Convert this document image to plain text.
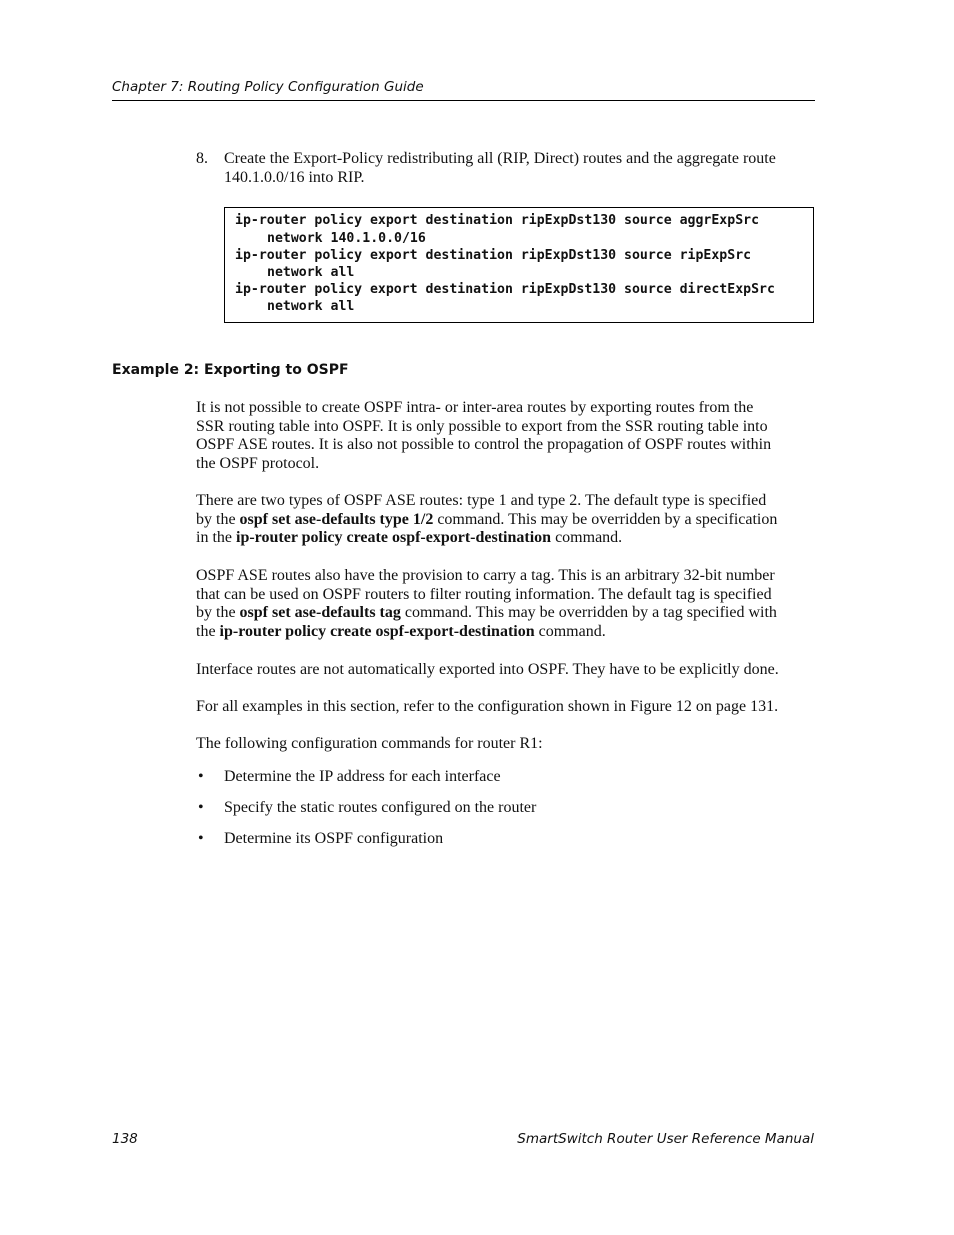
Chapter 7: Routing Policy Configuration Guide
8. Create the Export-Policy redistributing all (RIP, Direct) routes and the aggregate route
140.1.0.0/16 into RIP.
ip-router policy export destination ripExpDst130 source aggrExpSrc
network 140.1.0.0/16
ip-router policy export destination ripExpDst130 source ripExpSrc
network all
ip-router policy export destination ripExpDst130 source directExpSrc
network all
Example 2: Exporting to OSPF
It is not possible to create OSPF intra- or inter-area routes by exporting routes from the
SSR routing table into OSPF. It is only possible to export from the SSR routing table into
OSPF ASE routes. It is also not possible to control the propagation of OSPF routes within
the OSPF protocol.
There are two types of OSPF ASE routes: type 1 and type 2. The default type is specified
by the ospf set ase-defaults type 1/2 command. This may be overridden by a specification
in the ip-router policy create ospf-export-destination command.
OSPF ASE routes also have the provision to carry a tag. This is an arbitrary 32-bit number
that can be used on OSPF routers to filter routing information. The default tag is specified
by the ospf set ase-defaults tag command. This may be overridden by a tag specified with
the ip-router policy create ospf-export-destination command.
Interface routes are not automatically exported into OSPF. They have to be explicitly done.
For all examples in this section, refer to the configuration shown in Figure 12 on page 131.
The following configuration commands for router R1:
• Determine the IP address for each interface
• Specify the static routes configured on the router
• Determine its OSPF configuration
138	SmartSwitch Router User Reference Manual
